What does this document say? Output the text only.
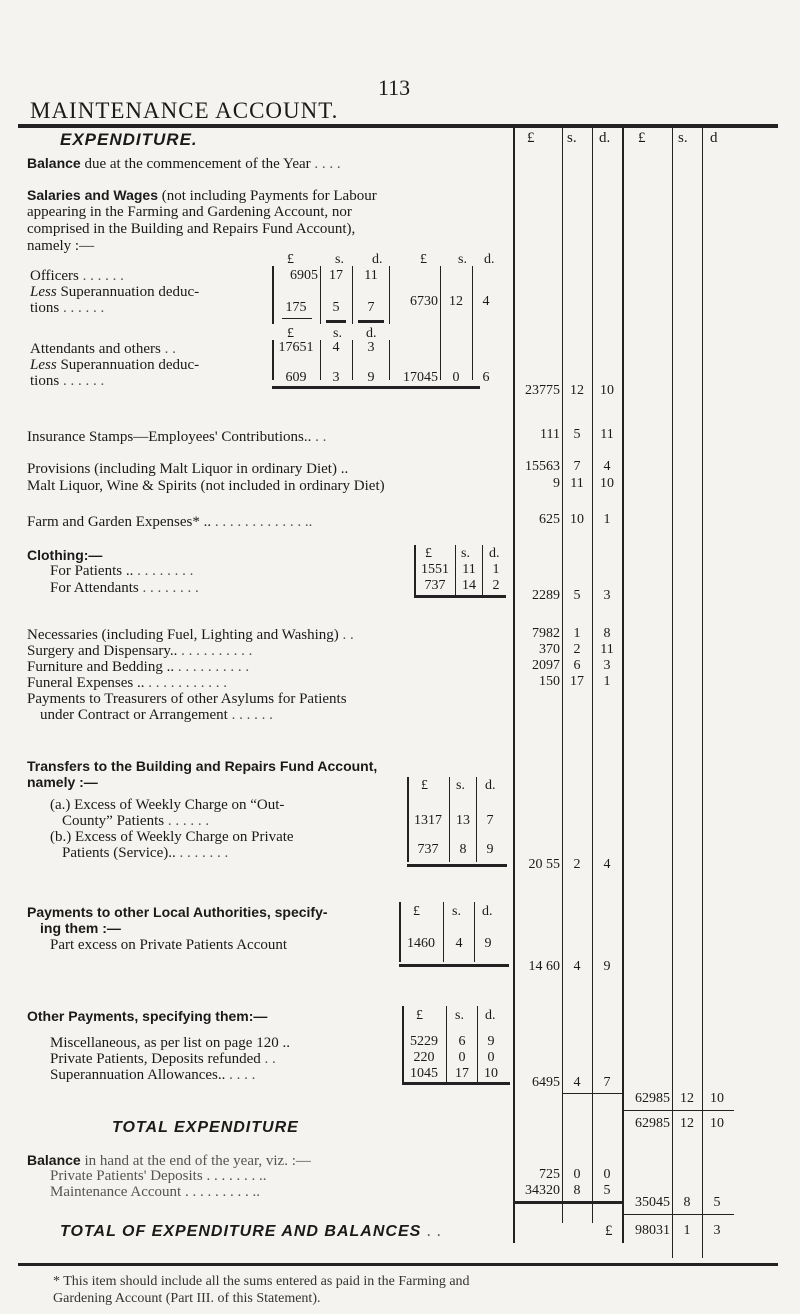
113
MAINTENANCE ACCOUNT.
£ s. d. £ s. d
EXPENDITURE.
Balance due at the commencement of the Year . . . .
Salaries and Wages (not including Payments for Labour
appearing in the Farming and Gardening Account, nor
comprised in the Building and Repairs Fund Account),
namely :—
£	s. d.	£ s. d.
Officers . . . . . .
Less Superannuation deduc-
tions . . . . . .
6905 17	11
175	5	7	6730 12	4
£	s. d.
Attendants and others . .
Less Superannuation deduc-
tions . . . . . .
17651	4	3
609	3	9	17045	0	6
23775 12	10
Insurance Stamps—Employees' Contributions.. . .	111 5	11
Provisions (including Malt Liquor in ordinary Diet) ..
Malt Liquor, Wine & Spirits (not included in ordinary Diet)
15563 7	4
9 11	10
Farm and Garden Expenses* .. . . . . . . . . . . . . ..	625 10	1
Clothing:—
For Patients .. . . . . . . . .
For Attendants . . . . . . . .
£ s. d.
1551 11	1
737	14	2
2289 5	3
Necessaries (including Fuel, Lighting and Washing) . .
Surgery and Dispensary.. . . . . . . . . . .
Furniture and Bedding .. . . . . . . . . . .
Funeral Expenses .. . . . . . . . . . . .
Payments to Treasurers of other Asylums for Patients
under Contract or Arrangement . . . . . .
7982 1	8
370 2	11
2097 6	3
150 17	1
Transfers to the Building and Repairs Fund Account,
namely :—
(a.) Excess of Weekly Charge on “Out-
County” Patients . . . . . .
(b.) Excess of Weekly Charge on Private
Patients (Service).. . . . . . . .
£ s. d.
1317	13	7
737	8	9
20 55 2	4
Payments to other Local Authorities, specify-
ing them :—
Part excess on Private Patients Account
£ s. d.
1460	4	9
14 60 4	9
Other Payments, specifying them:—
Miscellaneous, as per list on page 120 ..
Private Patients, Deposits refunded . .
Superannuation Allowances.. . . . .
£ s. d.
5229	6	9
220	0	0
1045	17	10
6495 4	7
62985 12	10
TOTAL EXPENDITURE	62985 12	10
Balance in hand at the end of the year, viz. :—
Private Patients' Deposits . . . . . . . ..
Maintenance Account . . . . . . . . . ..
725 0	0
34320 8	5
35045 8	5
TOTAL OF EXPENDITURE AND BALANCES . .	£	98031 1	3
* This item should include all the sums entered as paid in the Farming and
Gardening Account (Part III. of this Statement).
